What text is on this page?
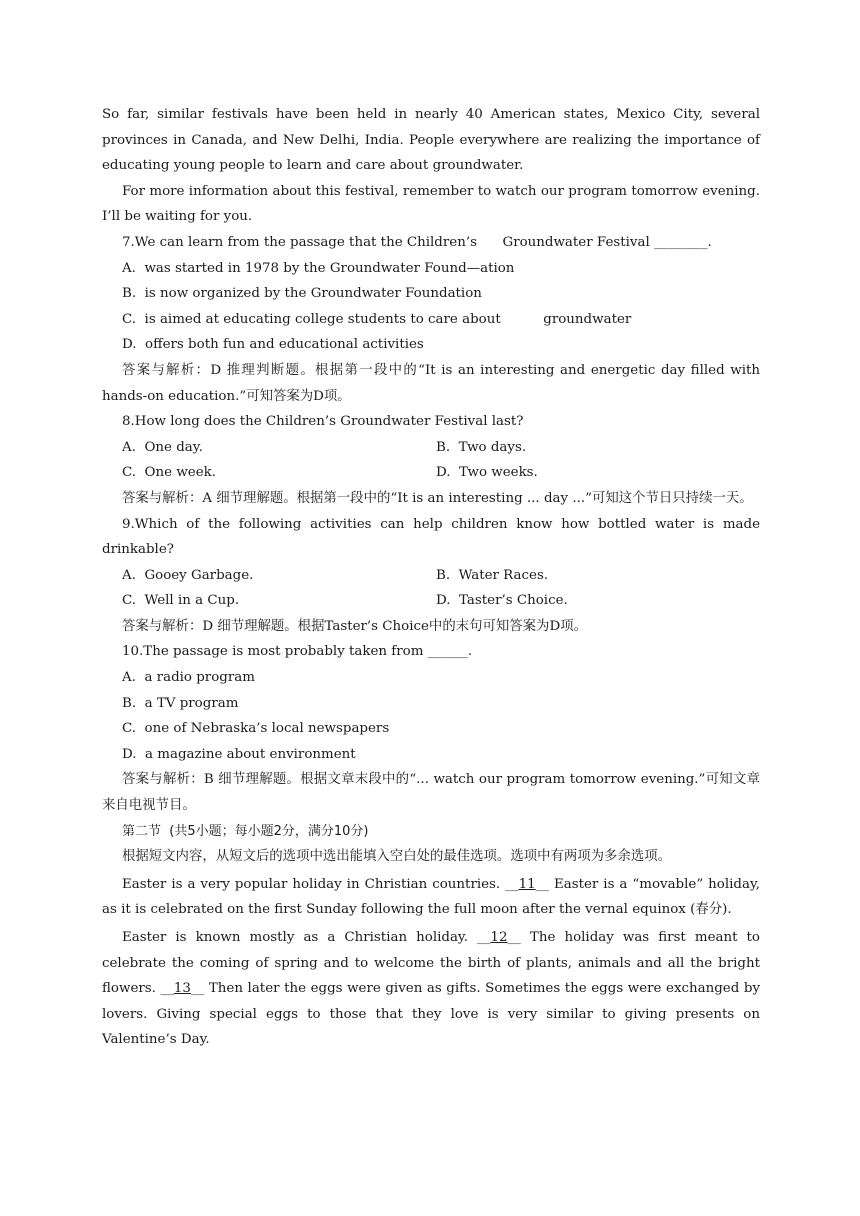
So far, similar festivals have been held in nearly 40 American states, Mexico City, several provinces in Canada, and New Delhi, India. People everywhere are realizing the importance of educating young people to learn and care about groundwater.
For more information about this festival, remember to watch our program tomorrow evening. I’ll be waiting for you.
7.We can learn from the passage that the Children’s      Groundwater Festival ________.
A.  was started in 1978 by the Groundwater Found—ation
B.  is now organized by the Groundwater Foundation
C.  is aimed at educating college students to care about          groundwater
D.  offers both fun and educational activities
答案与解析：D 推理判断题。根据第一段中的“It is an interesting and energetic day filled with hands-on education.”可知答案为D项。
8.How long does the Children’s Groundwater Festival last?
A.  One day.	B.  Two days.
C.  One week.	D.  Two weeks.
答案与解析：A 细节理解题。根据第一段中的“It is an interesting ... day ...”可知这个节日只持续一天。
9.Which of the following activities can help children know how bottled water is made drinkable?
A.  Gooey Garbage.	B.  Water Races.
C.  Well in a Cup.	D.  Taster’s Choice.
答案与解析：D 细节理解题。根据Taster’s Choice中的末句可知答案为D项。
10.The passage is most probably taken from ______.
A.  a radio program
B.  a TV program
C.  one of Nebraska’s local newspapers
D.  a magazine about environment
答案与解析：B 细节理解题。根据文章末段中的“... watch our program tomorrow evening.”可知文章来自电视节目。
第二节  (共5小题；每小题2分，满分10分)
根据短文内容，从短文后的选项中选出能填入空白处的最佳选项。选项中有两项为多余选项。
Easter is a very popular holiday in Christian countries. __11__ Easter is a “movable” holiday, as it is celebrated on the first Sunday following the full moon after the vernal equinox (春分).
Easter is known mostly as a Christian holiday. __12__ The holiday was first meant to celebrate the coming of spring and to welcome the birth of plants, animals and all the bright flowers. __13__ Then later the eggs were given as gifts. Sometimes the eggs were exchanged by lovers. Giving special eggs to those that they love is very similar to giving presents on Valentine’s Day.
